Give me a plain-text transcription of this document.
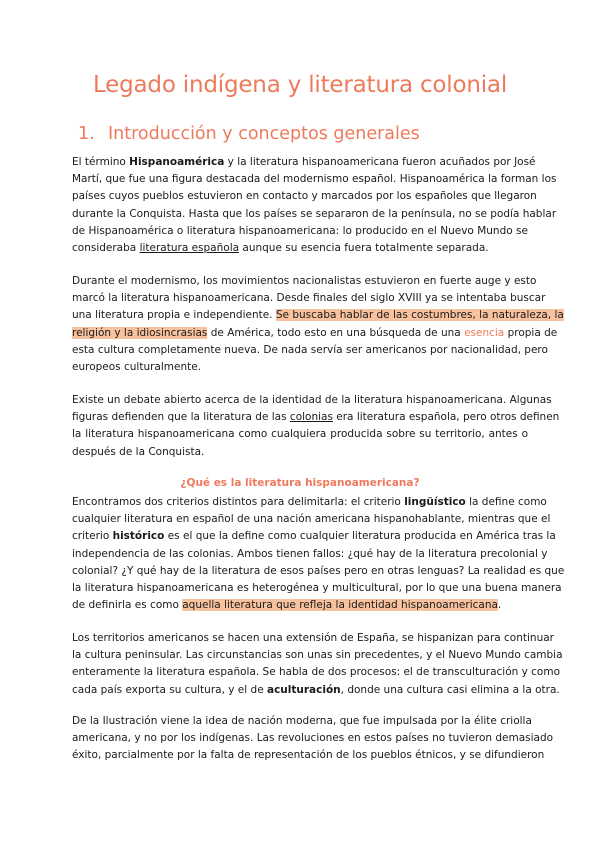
Legado indígena y literatura colonial
1. Introducción y conceptos generales
El término Hispanoamérica y la literatura hispanoamericana fueron acuñados por José
Martí, que fue una figura destacada del modernismo español. Hispanoamérica la forman los
países cuyos pueblos estuvieron en contacto y marcados por los españoles que llegaron
durante la Conquista. Hasta que los países se separaron de la península, no se podía hablar
de Hispanoamérica o literatura hispanoamericana: lo producido en el Nuevo Mundo se
consideraba literatura española aunque su esencia fuera totalmente separada.
Durante el modernismo, los movimientos nacionalistas estuvieron en fuerte auge y esto
marcó la literatura hispanoamericana. Desde finales del siglo XVIII ya se intentaba buscar
una literatura propia e independiente. Se buscaba hablar de las costumbres, la naturaleza, la
religión y la idiosincrasias de América, todo esto en una búsqueda de una esencia propia de
esta cultura completamente nueva. De nada servía ser americanos por nacionalidad, pero
europeos culturalmente.
Existe un debate abierto acerca de la identidad de la literatura hispanoamericana. Algunas
figuras defienden que la literatura de las colonias era literatura española, pero otros definen
la literatura hispanoamericana como cualquiera producida sobre su territorio, antes o
después de la Conquista.
¿Qué es la literatura hispanoamericana?
Encontramos dos criterios distintos para delimitarla: el criterio lingüístico la define como
cualquier literatura en español de una nación americana hispanohablante, mientras que el
criterio histórico es el que la define como cualquier literatura producida en América tras la
independencia de las colonias. Ambos tienen fallos: ¿qué hay de la literatura precolonial y
colonial? ¿Y qué hay de la literatura de esos países pero en otras lenguas? La realidad es que
la literatura hispanoamericana es heterogénea y multicultural, por lo que una buena manera
de definirla es como aquella literatura que refleja la identidad hispanoamericana.
Los territorios americanos se hacen una extensión de España, se hispanizan para continuar
la cultura peninsular. Las circunstancias son unas sin precedentes, y el Nuevo Mundo cambia
enteramente la literatura española. Se habla de dos procesos: el de transculturación y como
cada país exporta su cultura, y el de aculturación, donde una cultura casi elimina a la otra.
De la Ilustración viene la idea de nación moderna, que fue impulsada por la élite criolla
americana, y no por los indígenas. Las revoluciones en estos países no tuvieron demasiado
éxito, parcialmente por la falta de representación de los pueblos étnicos, y se difundieron
